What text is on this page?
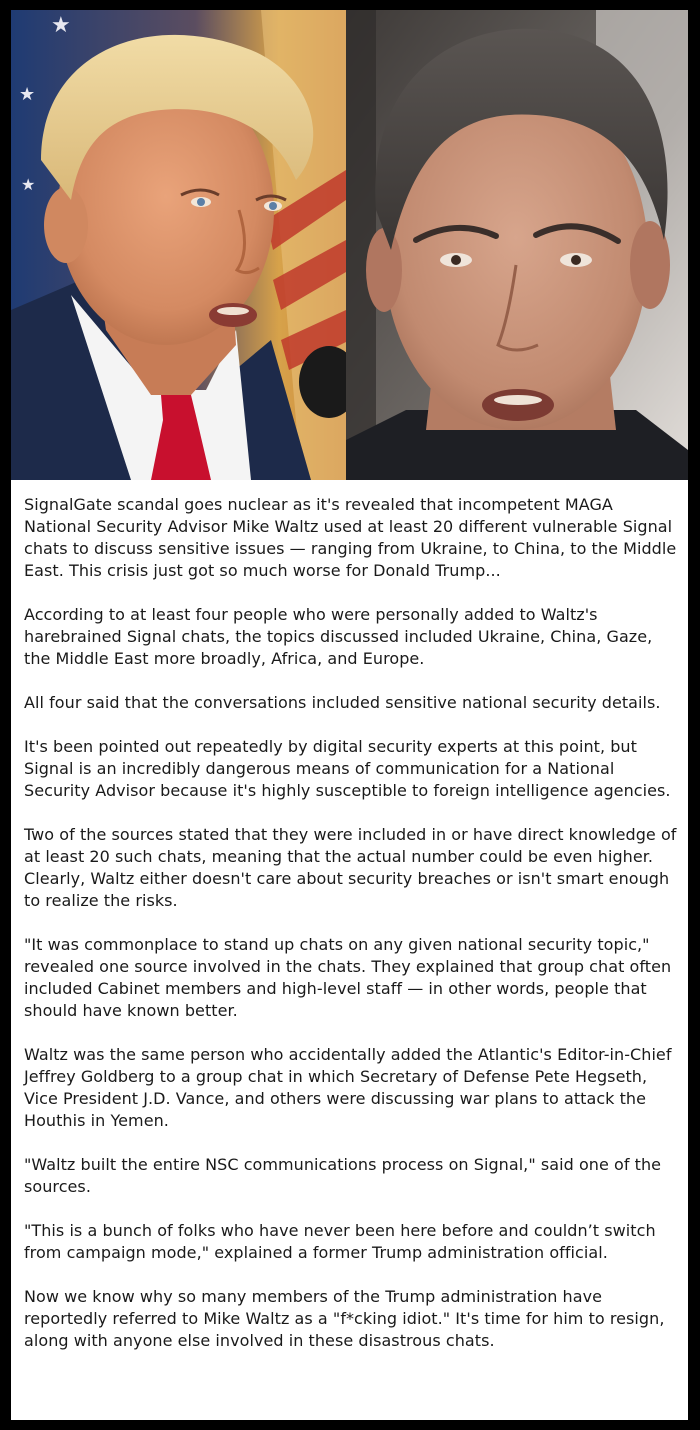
★
★
★

SignalGate scandal goes nuclear as it's revealed that incompetent MAGA National Security Advisor Mike Waltz used at least 20 different vulnerable Signal chats to discuss sensitive issues — ranging from Ukraine, to China, to the Middle East. This crisis just got so much worse for Donald Trump...

According to at least four people who were personally added to Waltz's harebrained Signal chats, the topics discussed included Ukraine, China, Gaze, the Middle East more broadly, Africa, and Europe.

All four said that the conversations included sensitive national security details.

It's been pointed out repeatedly by digital security experts at this point, but Signal is an incredibly dangerous means of communication for a National Security Advisor because it's highly susceptible to foreign intelligence agencies.

Two of the sources stated that they were included in or have direct knowledge of at least 20 such chats, meaning that the actual number could be even higher. Clearly, Waltz either doesn't care about security breaches or isn't smart enough to realize the risks.

"It was commonplace to stand up chats on any given national security topic," revealed one source involved in the chats. They explained that group chat often included Cabinet members and high-level staff — in other words, people that should have known better.

Waltz was the same person who accidentally added the Atlantic's Editor-in-Chief Jeffrey Goldberg to a group chat in which Secretary of Defense Pete Hegseth, Vice President J.D. Vance, and others were discussing war plans to attack the Houthis in Yemen.

"Waltz built the entire NSC communications process on Signal," said one of the sources.

"This is a bunch of folks who have never been here before and couldn’t switch from campaign mode," explained a former Trump administration official.

Now we know why so many members of the Trump administration have reportedly referred to Mike Waltz as a "f*cking idiot." It's time for him to resign, along with anyone else involved in these disastrous chats.
